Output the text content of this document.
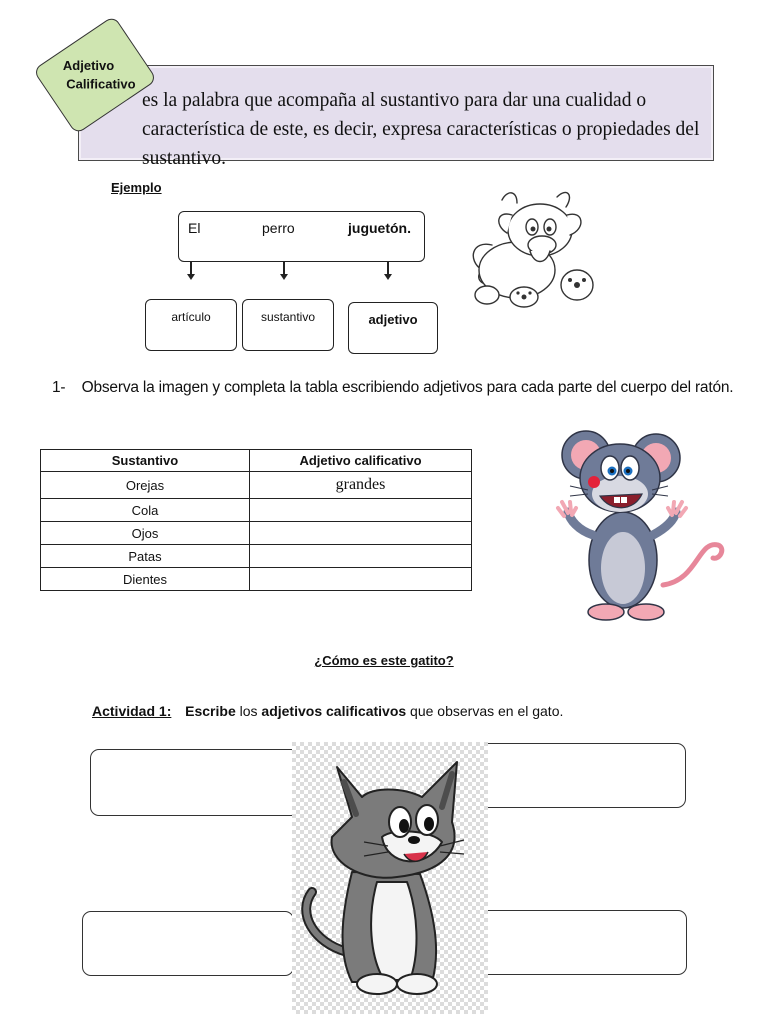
es la palabra que acompaña al sustantivo para dar una cualidad o característica de este, es decir, expresa características o propiedades del sustantivo.
Adjetivo
Calificativo
Ejemplo
El	perro	juguetón.
artículo	sustantivo	adjetivo
1- Observa la imagen y completa la tabla escribiendo adjetivos para cada parte del cuerpo del ratón.
Sustantivo	Adjetivo calificativo
Orejas	grandes
Cola	
Ojos	
Patas	
Dientes	
¿Cómo es este gatito?
Actividad 1: Escribe los adjetivos calificativos que observas en el gato.
